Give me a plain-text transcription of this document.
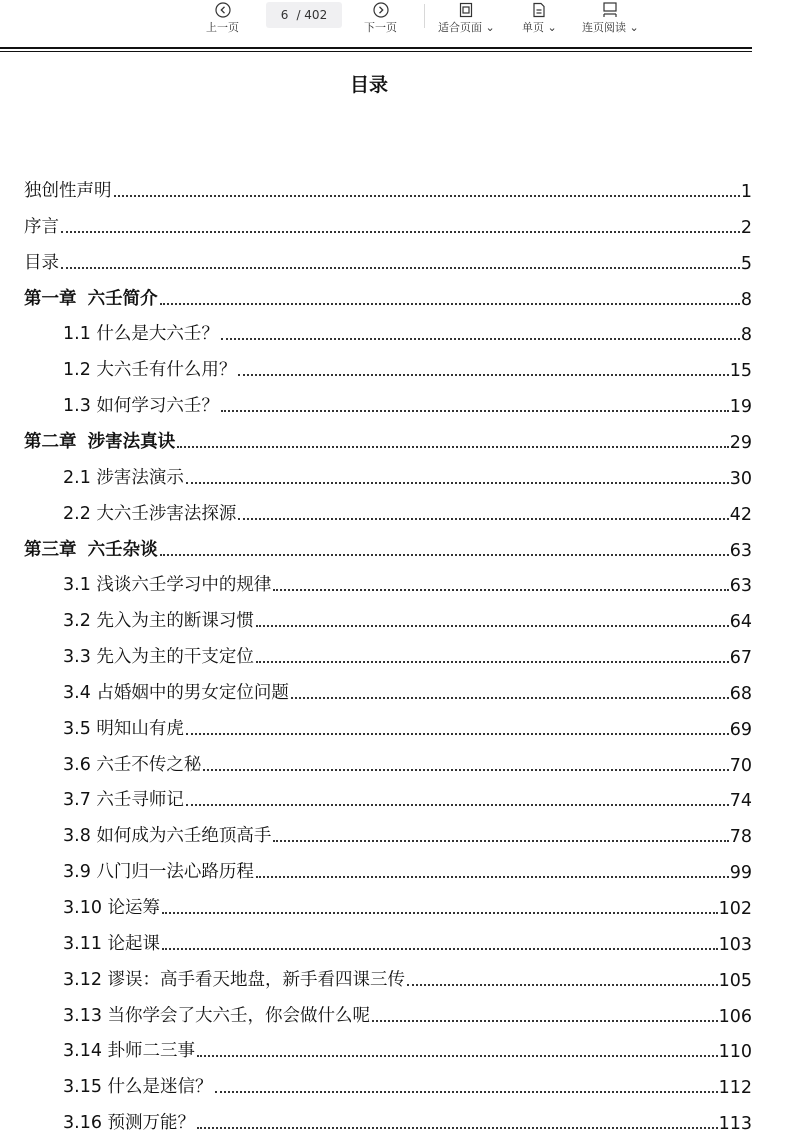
上一页
6 / 402
下一页	适合页面 ⌄ 单页 ⌄ 连页阅读 ⌄
目录
独创性声明	1
序言	2
目录	5
第一章 六壬简介	8
1.1 什么是大六壬？	8
1.2 大六壬有什么用？	15
1.3 如何学习六壬？	19
第二章 涉害法真诀	29
2.1 涉害法演示	30
2.2 大六壬涉害法探源	42
第三章 六壬杂谈	63
3.1 浅谈六壬学习中的规律	63
3.2 先入为主的断课习惯	64
3.3 先入为主的干支定位	67
3.4 占婚姻中的男女定位问题	68
3.5 明知山有虎	69
3.6 六壬不传之秘	70
3.7 六壬寻师记	74
3.8 如何成为六壬绝顶高手	78
3.9 八门归一法心路历程	99
3.10 论运筹	102
3.11 论起课	103
3.12 谬误：高手看天地盘，新手看四课三传	105
3.13 当你学会了大六壬，你会做什么呢	106
3.14 卦师二三事	110
3.15 什么是迷信？	112
3.16 预测万能？	113
